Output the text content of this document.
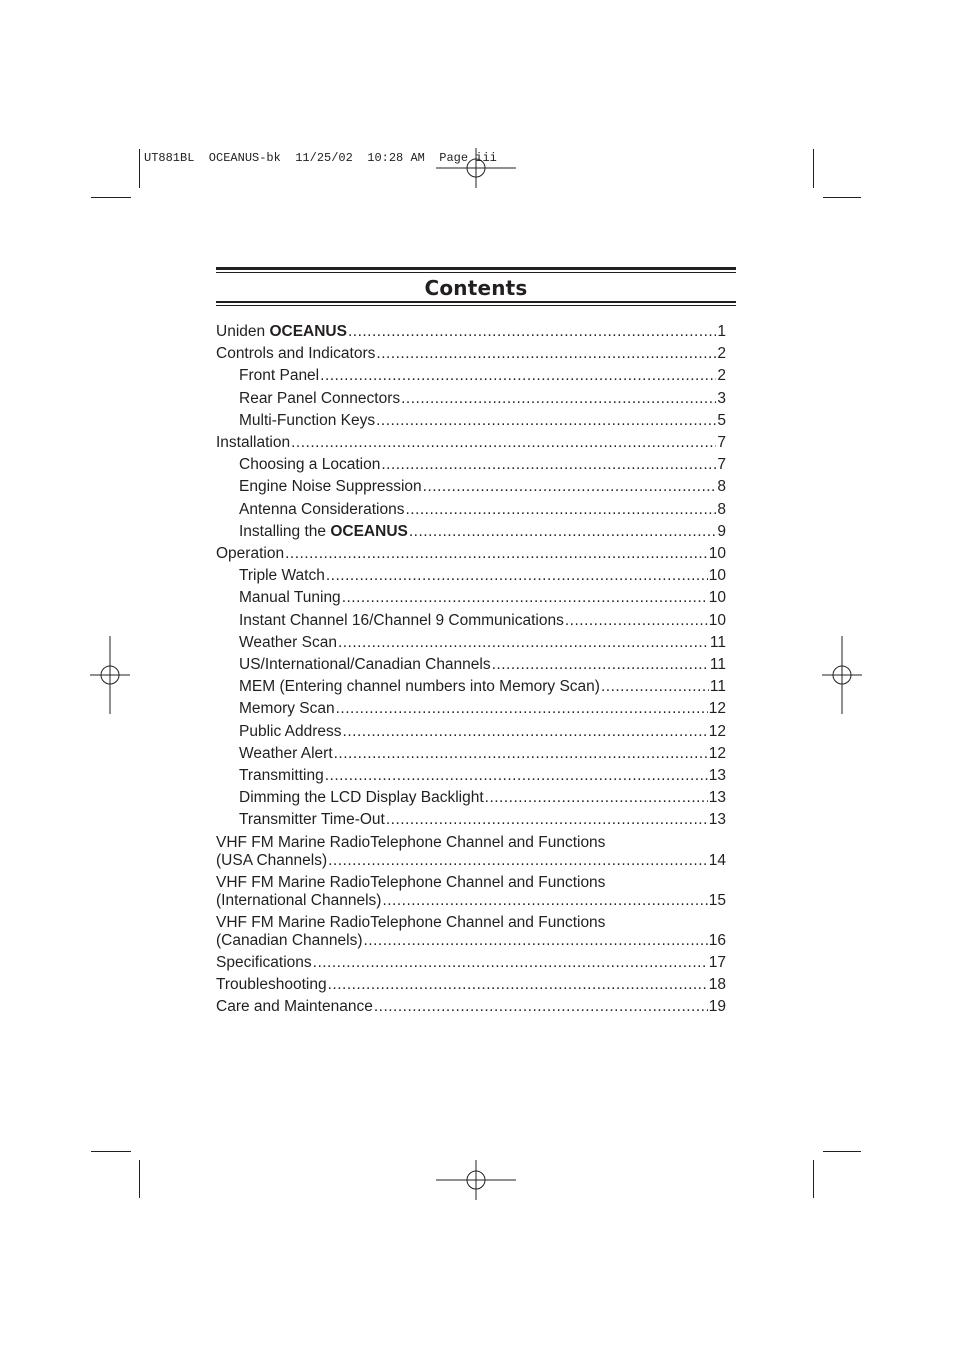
UT881BL  OCEANUS-bk  11/25/02  10:28 AM  Page iii
Contents
Uniden OCEANUS .....	1
Controls and Indicators .....	2
Front Panel .....	2
Rear Panel Connectors .....	3
Multi-Function Keys .....	5
Installation .....	7
Choosing a Location .....	7
Engine Noise Suppression .....	8
Antenna Considerations .....	8
Installing the OCEANUS .....	9
Operation .....	10
Triple Watch .....	10
Manual Tuning .....	10
Instant Channel 16/Channel 9 Communications .....	10
Weather Scan .....	11
US/International/Canadian Channels .....	11
MEM (Entering channel numbers into Memory Scan) .....	11
Memory Scan .....	12
Public Address .....	12
Weather Alert .....	12
Transmitting .....	13
Dimming the LCD Display Backlight .....	13
Transmitter Time-Out .....	13
VHF FM Marine RadioTelephone Channel and Functions
(USA Channels) .....	14
VHF FM Marine RadioTelephone Channel and Functions
(International Channels) .....	15
VHF FM Marine RadioTelephone Channel and Functions
(Canadian Channels) .....	16
Specifications .....	17
Troubleshooting .....	18
Care and Maintenance .....	19
